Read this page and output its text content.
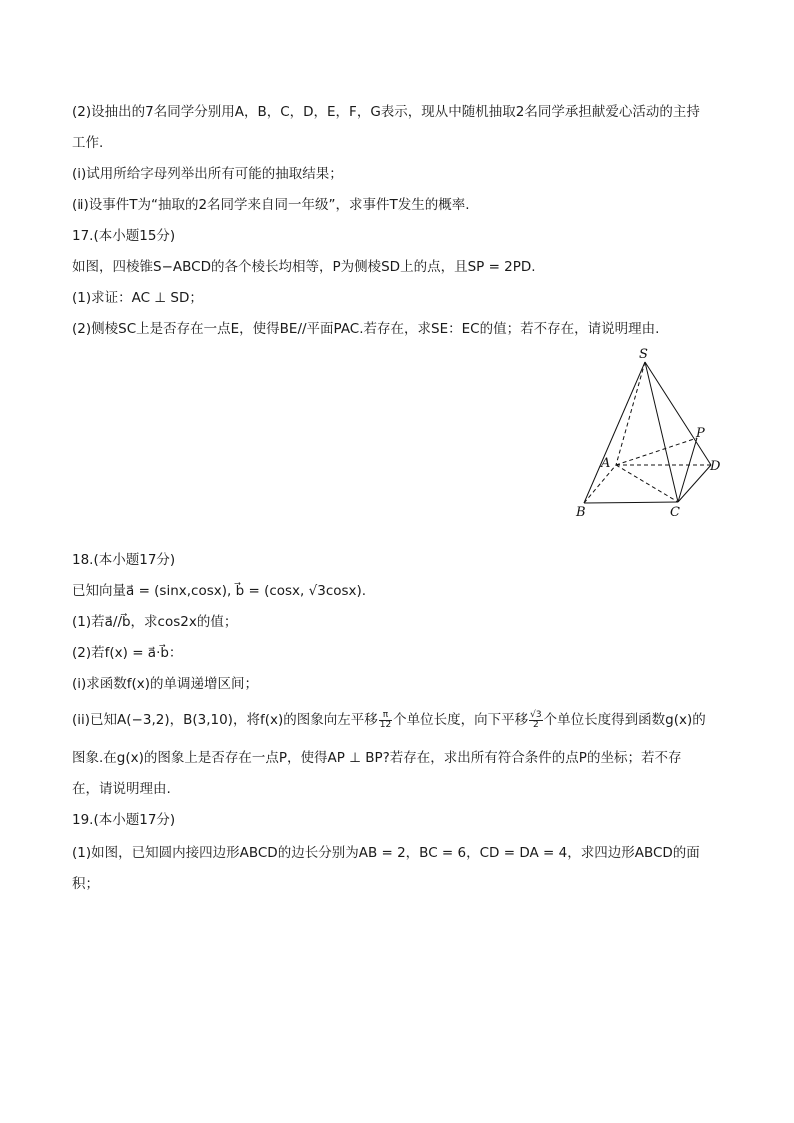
(2)设抽出的7名同学分别用A，B，C，D，E，F，G表示，现从中随机抽取2名同学承担献爱心活动的主持
工作.
(ⅰ)试用所给字母列举出所有可能的抽取结果；
(ⅱ)设事件T为“抽取的2名同学来自同一年级”，求事件T发生的概率.
17.(本小题15分)
如图，四棱锥S−ABCD的各个棱长均相等，P为侧棱SD上的点，且SP = 2PD.
(1)求证：AC ⊥ SD；
(2)侧棱SC上是否存在一点E，使得BE//平面PAC.若存在，求SE：EC的值；若不存在，请说明理由.
S
P
A	D
B	C
18.(本小题17分)
已知向量a⃗ = (sinx,cosx), b⃗ = (cosx, √3cosx).
(1)若a⃗//b⃗，求cos2x的值；
(2)若f(x) = a⃗·b⃗：
(i)求函数f(x)的单调递增区间；
(ii)已知A(−3,2)，B(3,10)，将f(x)的图象向左平移 $\frac{\pi}{12}$ 个单位长度，向下平移 $\frac{√3}{2}$ 个单位长度得到函数g(x)的
图象.在g(x)的图象上是否存在一点P，使得AP ⊥ BP?若存在，求出所有符合条件的点P的坐标；若不存
在，请说明理由.
19.(本小题17分)
(1)如图，已知圆内接四边形ABCD的边长分别为AB = 2，BC = 6，CD = DA = 4，求四边形ABCD的面
积；
